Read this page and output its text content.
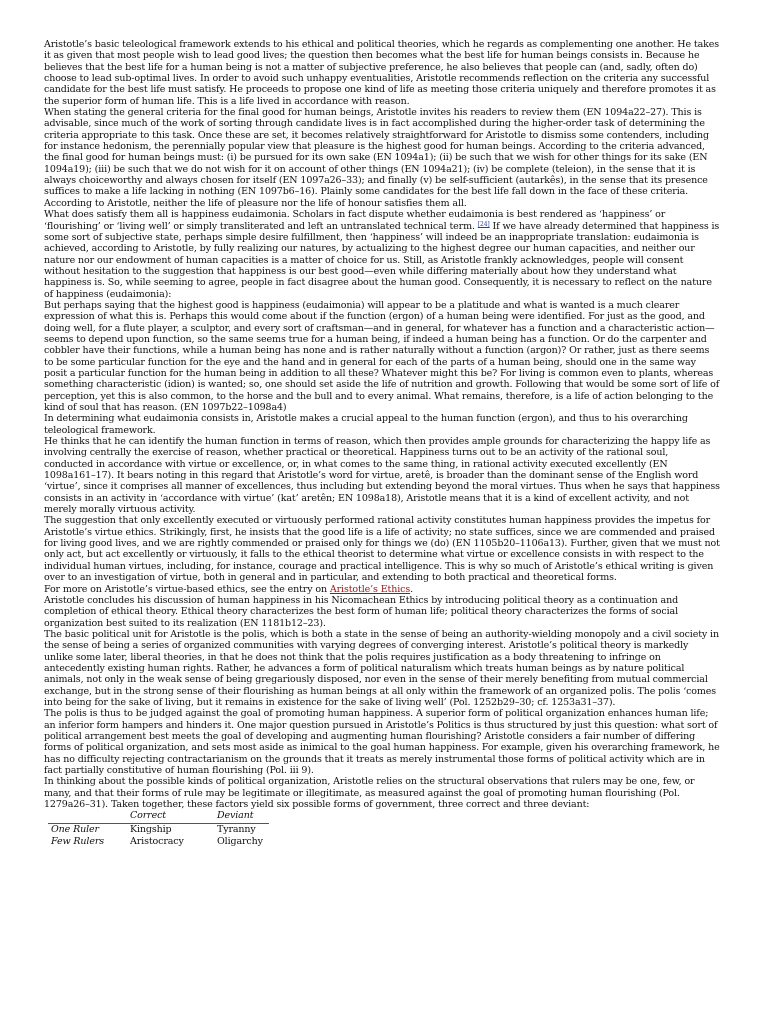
Aristotle’s basic teleological framework extends to his ethical and political theories, which he regards as complementing one another. He takes it as given that most people wish to lead good lives; the question then becomes what the best life for human beings consists in. Because he believes that the best life for a human being is not a matter of subjective preference, he also believes that people can (and, sadly, often do) choose to lead sub-optimal lives. In order to avoid such unhappy eventualities, Aristotle recommends reflection on the criteria any successful candidate for the best life must satisfy. He proceeds to propose one kind of life as meeting those criteria uniquely and therefore promotes it as the superior form of human life. This is a life lived in accordance with reason.

When stating the general criteria for the final good for human beings, Aristotle invites his readers to review them (EN 1094a22–27). This is advisable, since much of the work of sorting through candidate lives is in fact accomplished during the higher-order task of determining the criteria appropriate to this task. Once these are set, it becomes relatively straightforward for Aristotle to dismiss some contenders, including for instance hedonism, the perennially popular view that pleasure is the highest good for human beings. According to the criteria advanced, the final good for human beings must: (i) be pursued for its own sake (EN 1094a1); (ii) be such that we wish for other things for its sake (EN 1094a19); (iii) be such that we do not wish for it on account of other things (EN 1094a21); (iv) be complete (teleion), in the sense that it is always choiceworthy and always chosen for itself (EN 1097a26–33); and finally (v) be self-sufficient (autarkês), in the sense that its presence suffices to make a life lacking in nothing (EN 1097b6–16). Plainly some candidates for the best life fall down in the face of these criteria. According to Aristotle, neither the life of pleasure nor the life of honour satisfies them all.

What does satisfy them all is happiness eudaimonia. Scholars in fact dispute whether eudaimonia is best rendered as ‘happiness’ or ‘flourishing’ or ‘living well’ or simply transliterated and left an untranslated technical term. [24] If we have already determined that happiness is some sort of subjective state, perhaps simple desire fulfillment, then ‘happiness’ will indeed be an inappropriate translation: eudaimonia is achieved, according to Aristotle, by fully realizing our natures, by actualizing to the highest degree our human capacities, and neither our nature nor our endowment of human capacities is a matter of choice for us. Still, as Aristotle frankly acknowledges, people will consent without hesitation to the suggestion that happiness is our best good—even while differing materially about how they understand what happiness is. So, while seeming to agree, people in fact disagree about the human good. Consequently, it is necessary to reflect on the nature of happiness (eudaimonia):

But perhaps saying that the highest good is happiness (eudaimonia) will appear to be a platitude and what is wanted is a much clearer expression of what this is. Perhaps this would come about if the function (ergon) of a human being were identified. For just as the good, and doing well, for a flute player, a sculptor, and every sort of craftsman—and in general, for whatever has a function and a characteristic action—seems to depend upon function, so the same seems true for a human being, if indeed a human being has a function. Or do the carpenter and cobbler have their functions, while a human being has none and is rather naturally without a function (argon)? Or rather, just as there seems to be some particular function for the eye and the hand and in general for each of the parts of a human being, should one in the same way posit a particular function for the human being in addition to all these? Whatever might this be? For living is common even to plants, whereas something characteristic (idion) is wanted; so, one should set aside the life of nutrition and growth. Following that would be some sort of life of perception, yet this is also common, to the horse and the bull and to every animal. What remains, therefore, is a life of action belonging to the kind of soul that has reason. (EN 1097b22–1098a4)

In determining what eudaimonia consists in, Aristotle makes a crucial appeal to the human function (ergon), and thus to his overarching teleological framework.

He thinks that he can identify the human function in terms of reason, which then provides ample grounds for characterizing the happy life as involving centrally the exercise of reason, whether practical or theoretical. Happiness turns out to be an activity of the rational soul, conducted in accordance with virtue or excellence, or, in what comes to the same thing, in rational activity executed excellently (EN 1098a161–17). It bears noting in this regard that Aristotle’s word for virtue, aretê, is broader than the dominant sense of the English word ‘virtue’, since it comprises all manner of excellences, thus including but extending beyond the moral virtues. Thus when he says that happiness consists in an activity in ‘accordance with virtue’ (kat’ aretên; EN 1098a18), Aristotle means that it is a kind of excellent activity, and not merely morally virtuous activity.

The suggestion that only excellently executed or virtuously performed rational activity constitutes human happiness provides the impetus for Aristotle’s virtue ethics. Strikingly, first, he insists that the good life is a life of activity; no state suffices, since we are commended and praised for living good lives, and we are rightly commended or praised only for things we (do) (EN 1105b20–1106a13). Further, given that we must not only act, but act excellently or virtuously, it falls to the ethical theorist to determine what virtue or excellence consists in with respect to the individual human virtues, including, for instance, courage and practical intelligence. This is why so much of Aristotle’s ethical writing is given over to an investigation of virtue, both in general and in particular, and extending to both practical and theoretical forms.

For more on Aristotle’s virtue-based ethics, see the entry on Aristotle’s Ethics.

Aristotle concludes his discussion of human happiness in his Nicomachean Ethics by introducing political theory as a continuation and completion of ethical theory. Ethical theory characterizes the best form of human life; political theory characterizes the forms of social organization best suited to its realization (EN 1181b12–23).

The basic political unit for Aristotle is the polis, which is both a state in the sense of being an authority-wielding monopoly and a civil society in the sense of being a series of organized communities with varying degrees of converging interest. Aristotle’s political theory is markedly unlike some later, liberal theories, in that he does not think that the polis requires justification as a body threatening to infringe on antecedently existing human rights. Rather, he advances a form of political naturalism which treats human beings as by nature political animals, not only in the weak sense of being gregariously disposed, nor even in the sense of their merely benefiting from mutual commercial exchange, but in the strong sense of their flourishing as human beings at all only within the framework of an organized polis. The polis ‘comes into being for the sake of living, but it remains in existence for the sake of living well’ (Pol. 1252b29–30; cf. 1253a31–37).

The polis is thus to be judged against the goal of promoting human happiness. A superior form of political organization enhances human life; an inferior form hampers and hinders it. One major question pursued in Aristotle’s Politics is thus structured by just this question: what sort of political arrangement best meets the goal of developing and augmenting human flourishing? Aristotle considers a fair number of differing forms of political organization, and sets most aside as inimical to the goal human happiness. For example, given his overarching framework, he has no difficulty rejecting contractarianism on the grounds that it treats as merely instrumental those forms of political activity which are in fact partially constitutive of human flourishing (Pol. iii 9).

In thinking about the possible kinds of political organization, Aristotle relies on the structural observations that rulers may be one, few, or many, and that their forms of rule may be legitimate or illegitimate, as measured against the goal of promoting human flourishing (Pol. 1279a26–31). Taken together, these factors yield six possible forms of government, three correct and three deviant:

	Correct	Deviant
One Ruler	Kingship	Tyranny
Few Rulers	Aristocracy	Oligarchy
